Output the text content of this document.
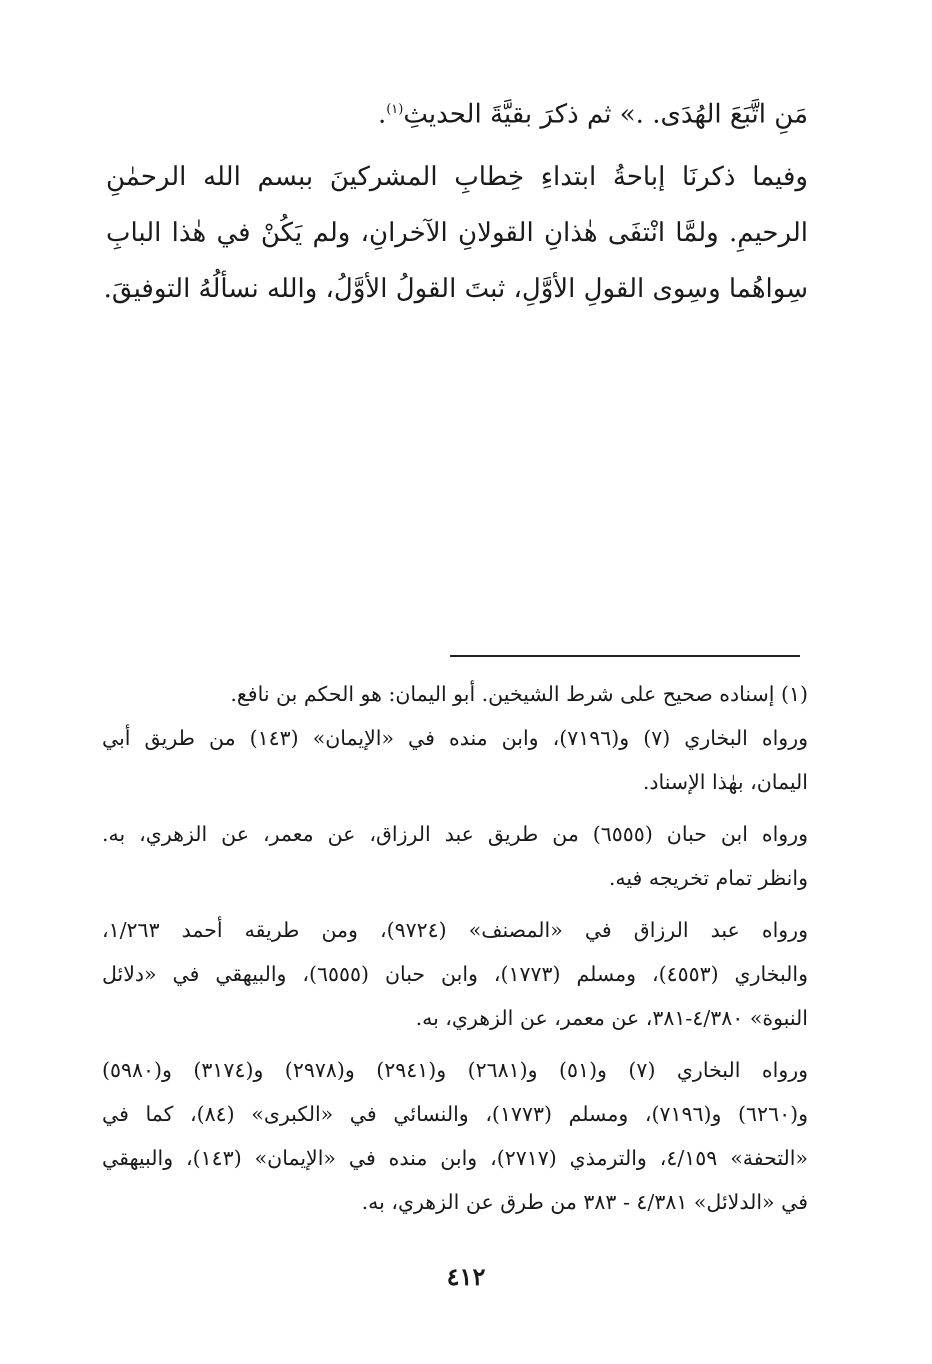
مَنِ اتَّبَعَ الهُدَى. .» ثم ذكرَ بقيَّةَ الحديثِ$^{(١)}$.
وفيما ذكرنَا إباحةُ ابتداءِ خِطابِ المشركينَ ببسم الله الرحمٰنِ
الرحيمِ. ولمَّا انْتفَى هٰذانِ القولانِ الآخرانِ، ولم يَكُنْ في هٰذا البابِ
سِواهُما وسِوى القولِ الأوَّلِ، ثبتَ القولُ الأوَّلُ، والله نسألُهُ التوفيقَ.
(١) إسناده صحيح على شرط الشيخين. أبو اليمان: هو الحكم بن نافع.
ورواه البخاري (٧) و(٧١٩٦)، وابن منده في «الإيمان» (١٤٣) من طريق أبي
اليمان، بهٰذا الإسناد.
ورواه ابن حبان (٦٥٥٥) من طريق عبد الرزاق، عن معمر، عن الزهري، به.
وانظر تمام تخريجه فيه.
ورواه عبد الرزاق في «المصنف» (٩٧٢٤)، ومن طريقه أحمد ١/٢٦٣،
والبخاري (٤٥٥٣)، ومسلم (١٧٧٣)، وابن حبان (٦٥٥٥)، والبيهقي في «دلائل
النبوة» ٤/٣٨٠-٣٨١، عن معمر، عن الزهري، به.
ورواه البخاري (٧) و(٥١) و(٢٦٨١) و(٢٩٤١) و(٢٩٧٨) و(٣١٧٤) و(٥٩٨٠)
و(٦٢٦٠) و(٧١٩٦)، ومسلم (١٧٧٣)، والنسائي في «الكبرى» (٨٤)، كما في
«التحفة» ٤/١٥٩، والترمذي (٢٧١٧)، وابن منده في «الإيمان» (١٤٣)، والبيهقي
في «الدلائل» ٤/٣٨١ - ٣٨٣ من طرق عن الزهري، به.
٤١٢
